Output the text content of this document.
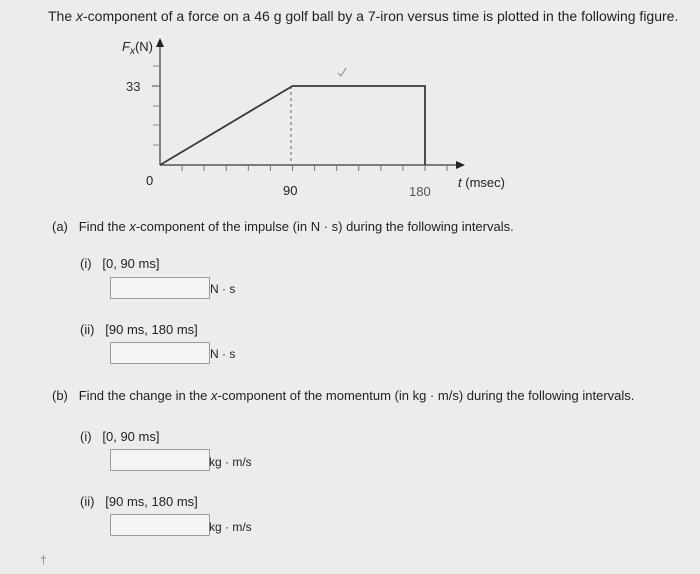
The x-component of a force on a 46 g golf ball by a 7-iron versus time is plotted in the following figure.
33
0
90	180
$F_x(N)$
t (msec)
(a) Find the x-component of the impulse (in N · s) during the following intervals.
(i) [0, 90 ms]
N · s
(ii) [90 ms, 180 ms]
N · s
(b) Find the change in the x-component of the momentum (in kg · m/s) during the following intervals.
(i) [0, 90 ms]
kg · m/s
(ii) [90 ms, 180 ms]
kg · m/s
†
